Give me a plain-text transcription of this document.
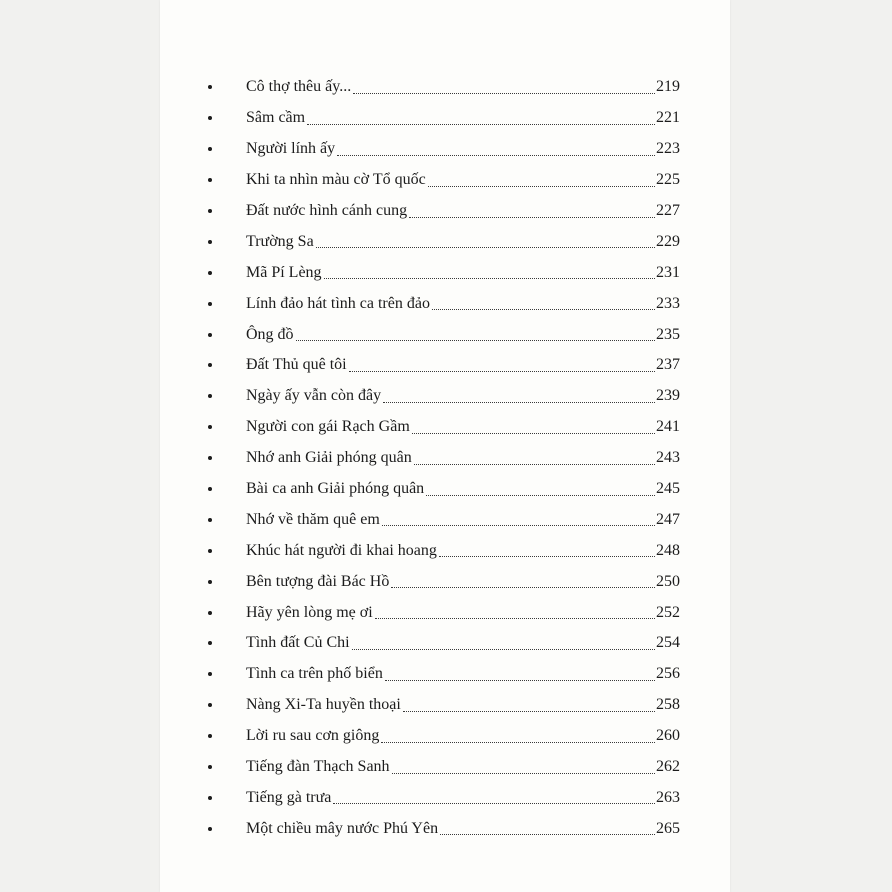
Cô thợ thêu ấy...	219
Sâm cầm	221
Người lính ấy	223
Khi ta nhìn màu cờ Tổ quốc	225
Đất nước hình cánh cung	227
Trường Sa	229
Mã Pí Lèng	231
Lính đảo hát tình ca trên đảo	233
Ông đồ	235
Đất Thủ quê tôi	237
Ngày ấy vẫn còn đây	239
Người con gái Rạch Gầm	241
Nhớ anh Giải phóng quân	243
Bài ca anh Giải phóng quân	245
Nhớ về thăm quê em	247
Khúc hát người đi khai hoang	248
Bên tượng đài Bác Hồ	250
Hãy yên lòng mẹ ơi	252
Tình đất Củ Chi	254
Tình ca trên phố biển	256
Nàng Xi-Ta huyền thoại	258
Lời ru sau cơn giông	260
Tiếng đàn Thạch Sanh	262
Tiếng gà trưa	263
Một chiều mây nước Phú Yên	265
